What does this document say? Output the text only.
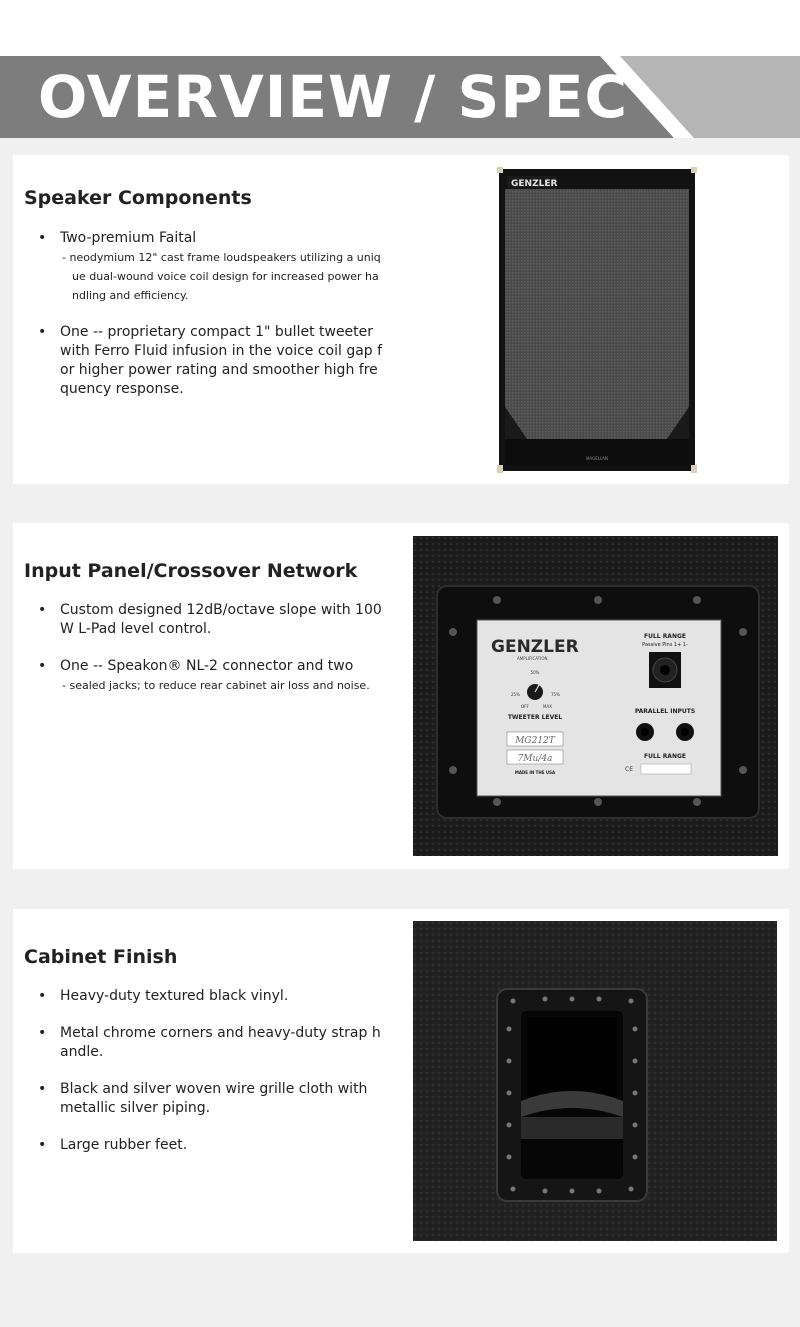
OVERVIEW / SPEC
Speaker Components
• Two-premium Faital
- neodymium 12" cast frame loudspeakers utilizing a unique dual-wound voice coil design for increased power handling and efficiency.
• One -- proprietary compact 1" bullet tweeter with Ferro Fluid infusion in the voice coil gap for higher power rating and smoother high frequency response.
GENZLER
MAGELLAN
Input Panel/Crossover Network
• Custom designed 12dB/octave slope with 100W L-Pad level control.
• One -- Speakon® NL-2 connector and two
- sealed jacks; to reduce rear cabinet air loss and noise.
GENZLER
AMPLIFICATION
FULL RANGE
Passive Pins 1+ 1-
PARALLEL INPUTS
FULL RANGE
50%
25%	75%
OFF	MAX
TWEETER LEVEL
MG212T
7Mu/4a
MADE IN THE USA	CE
Cabinet Finish
• Heavy-duty textured black vinyl.
• Metal chrome corners and heavy-duty strap handle.
• Black and silver woven wire grille cloth with metallic silver piping.
• Large rubber feet.
